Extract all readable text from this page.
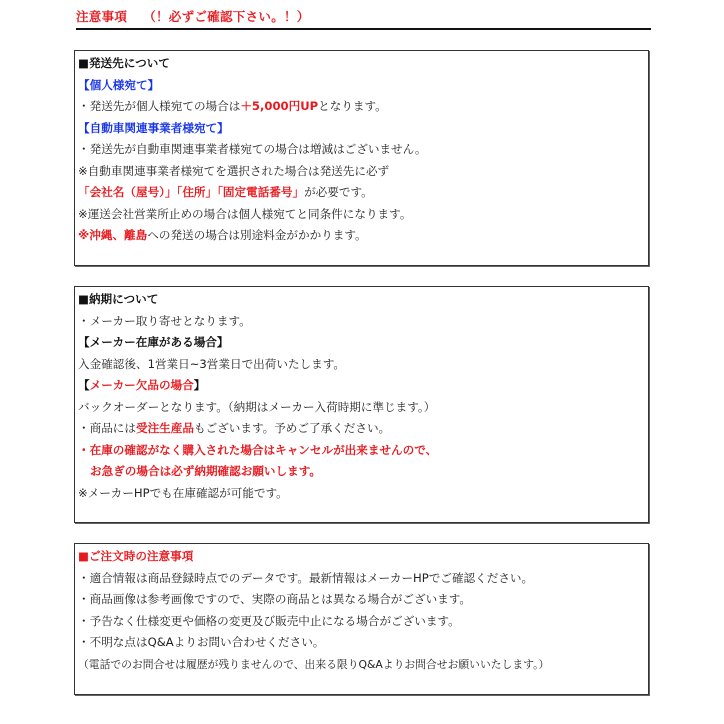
注意事項 （！必ずご確認下さい。！）
■発送先について
【個人様宛て】
・発送先が個人様宛ての場合は＋5,000円UPとなります。
【自動車関連事業者様宛て】
・発送先が自動車関連事業者様宛ての場合は増減はございません。
※自動車関連事業者様宛てを選択された場合は発送先に必ず
「会社名（屋号）」「住所」「固定電話番号」が必要です。
※運送会社営業所止めの場合は個人様宛てと同条件になります。
※沖縄、離島への発送の場合は別途料金がかかります。
■納期について
・メーカー取り寄せとなります。
【メーカー在庫がある場合】
入金確認後、1営業日~3営業日で出荷いたします。
【メーカー欠品の場合】
バックオーダーとなります。（納期はメーカー入荷時期に準じます。）
・商品には受注生産品もございます。予めご了承ください。
・在庫の確認がなく購入された場合はキャンセルが出来ませんので、
お急ぎの場合は必ず納期確認お願いします。
※メーカーHPでも在庫確認が可能です。
■ご注文時の注意事項
・適合情報は商品登録時点でのデータです。最新情報はメーカーHPでご確認ください。
・商品画像は参考画像ですので、実際の商品とは異なる場合がございます。
・予告なく仕様変更や価格の変更及び販売中止になる場合がございます。
・不明な点はQ&Aよりお問い合わせください。
（電話でのお問合せは履歴が残りませんので、出来る限りQ&Aよりお問合せお願いいたします。）
